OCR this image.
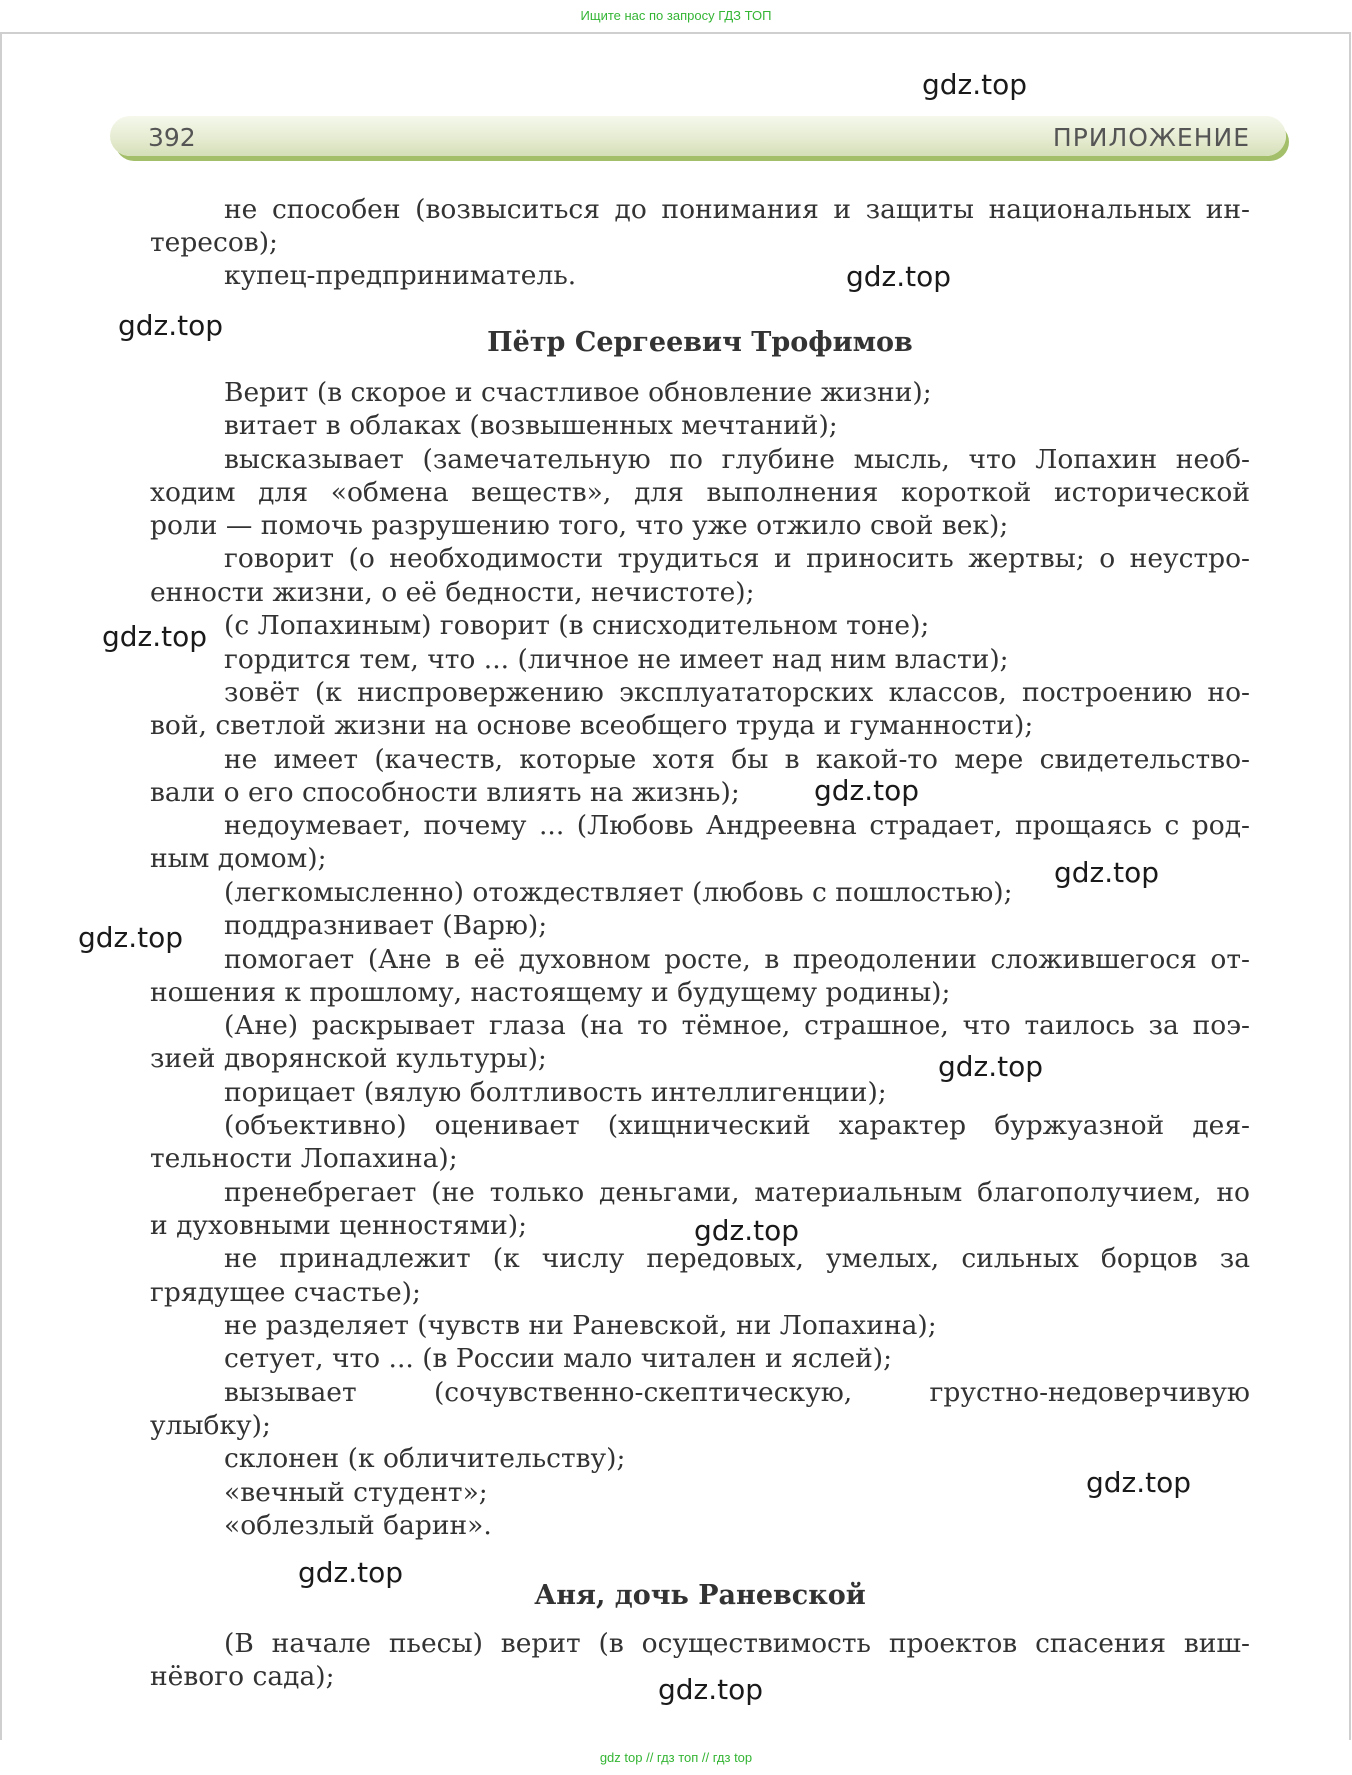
Ищите нас по запросу ГДЗ ТОП
392	ПРИЛОЖЕНИЕ
не способен (возвыситься до понимания и защиты национальных ин-
тересов);
купец-предприниматель.
Пётр Сергеевич Трофимов
Верит (в скорое и счастливое обновление жизни);
витает в облаках (возвышенных мечтаний);
высказывает (замечательную по глубине мысль, что Лопахин необ-
ходим для «обмена веществ», для выполнения короткой исторической
роли — помочь разрушению того, что уже отжило свой век);
говорит (о необходимости трудиться и приносить жертвы; о неустро-
енности жизни, о её бедности, нечистоте);
(с Лопахиным) говорит (в снисходительном тоне);
гордится тем, что ... (личное не имеет над ним власти);
зовёт (к ниспровержению эксплуататорских классов, построению но-
вой, светлой жизни на основе всеобщего труда и гуманности);
не имеет (качеств, которые хотя бы в какой-то мере свидетельство-
вали о его способности влиять на жизнь);
недоумевает, почему ... (Любовь Андреевна страдает, прощаясь с род-
ным домом);
(легкомысленно) отождествляет (любовь с пошлостью);
поддразнивает (Варю);
помогает (Ане в её духовном росте, в преодолении сложившегося от-
ношения к прошлому, настоящему и будущему родины);
(Ане) раскрывает глаза (на то тёмное, страшное, что таилось за поэ-
зией дворянской культуры);
порицает (вялую болтливость интеллигенции);
(объективно) оценивает (хищнический характер буржуазной дея-
тельности Лопахина);
пренебрегает (не только деньгами, материальным благополучием, но
и духовными ценностями);
не принадлежит (к числу передовых, умелых, сильных борцов за
грядущее счастье);
не разделяет (чувств ни Раневской, ни Лопахина);
сетует, что ... (в России мало читален и яслей);
вызывает (сочувственно-скептическую, грустно-недоверчивую
улыбку);
склонен (к обличительству);
«вечный студент»;
«облезлый барин».
Аня, дочь Раневской
(В начале пьесы) верит (в осуществимость проектов спасения виш-
нёвого сада);
gdz.top
gdz.top
gdz.top
gdz.top
gdz.top
gdz.top
gdz.top
gdz.top
gdz.top
gdz.top
gdz.top
gdz.top
gdz top // гдз топ // гдз top
